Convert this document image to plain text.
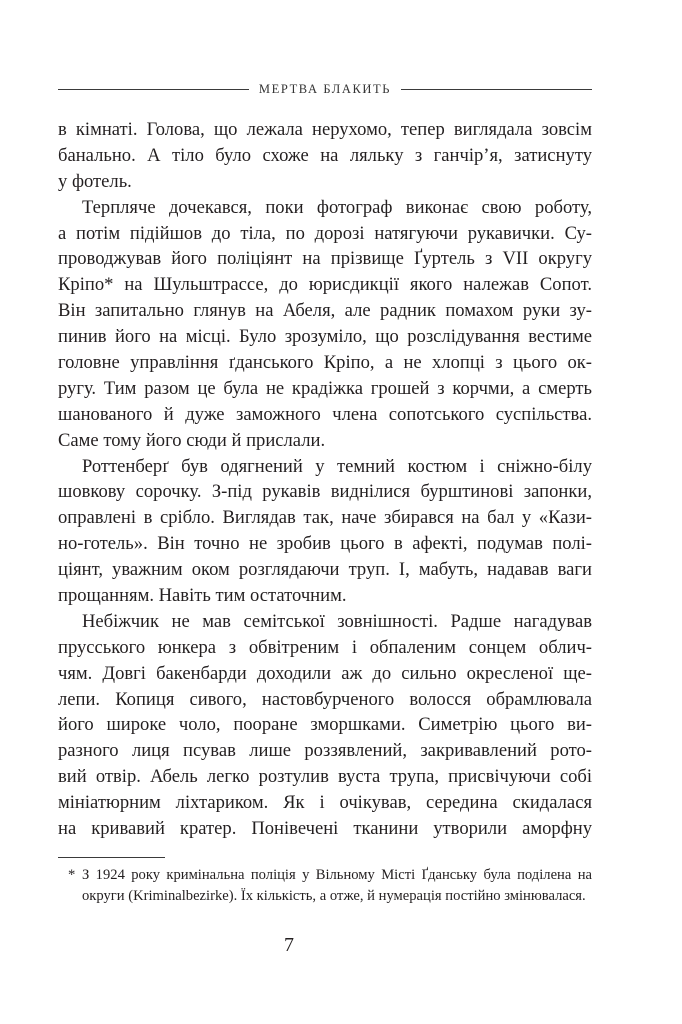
МЕРТВА БЛАКИТЬ
в кімнаті. Голова, що лежала нерухомо, тепер виглядала зовсім
банально. А тіло було схоже на ляльку з ганчір’я, затиснуту
у фотель.
Терпляче дочекався, поки фотограф виконає свою роботу,
а потім підійшов до тіла, по дорозі натягуючи рукавички. Су-
проводжував його поліціянт на прізвище Ґуртель з VII округу
Кріпо* на Шульштрассе, до юрисдикції якого належав Сопот.
Він запитально глянув на Абеля, але радник помахом руки зу-
пинив його на місці. Було зрозуміло, що розслідування вестиме
головне управління ґданського Кріпо, а не хлопці з цього ок-
ругу. Тим разом це була не крадіжка грошей з корчми, а смерть
шанованого й дуже заможного члена сопотського суспільства.
Саме тому його сюди й прислали.
Роттенберґ був одягнений у темний костюм і сніжно-білу
шовкову сорочку. З-під рукавів виднілися бурштинові запонки,
оправлені в срібло. Виглядав так, наче збирався на бал у «Кази-
но-готель». Він точно не зробив цього в афекті, подумав полі-
ціянт, уважним оком розглядаючи труп. І, мабуть, надавав ваги
прощанням. Навіть тим остаточним.
Небіжчик не мав семітської зовнішності. Радше нагадував
прусського юнкера з обвітреним і обпаленим сонцем облич-
чям. Довгі бакенбарди доходили аж до сильно окресленої ще-
лепи. Копиця сивого, настовбурченого волосся обрамлювала
його широке чоло, пооране зморшками. Симетрію цього ви-
разного лиця псував лише роззявлений, закривавлений рото-
вий отвір. Абель легко розтулив вуста трупа, присвічуючи собі
мініатюрним ліхтариком. Як і очікував, середина скидалася
на кривавий кратер. Понівечені тканини утворили аморфну
* З 1924 року кримінальна поліція у Вільному Місті Ґданську була поділена на округи (Kriminalbezirke). Їх кількість, а отже, й нумерація постійно змінювалася.
7
